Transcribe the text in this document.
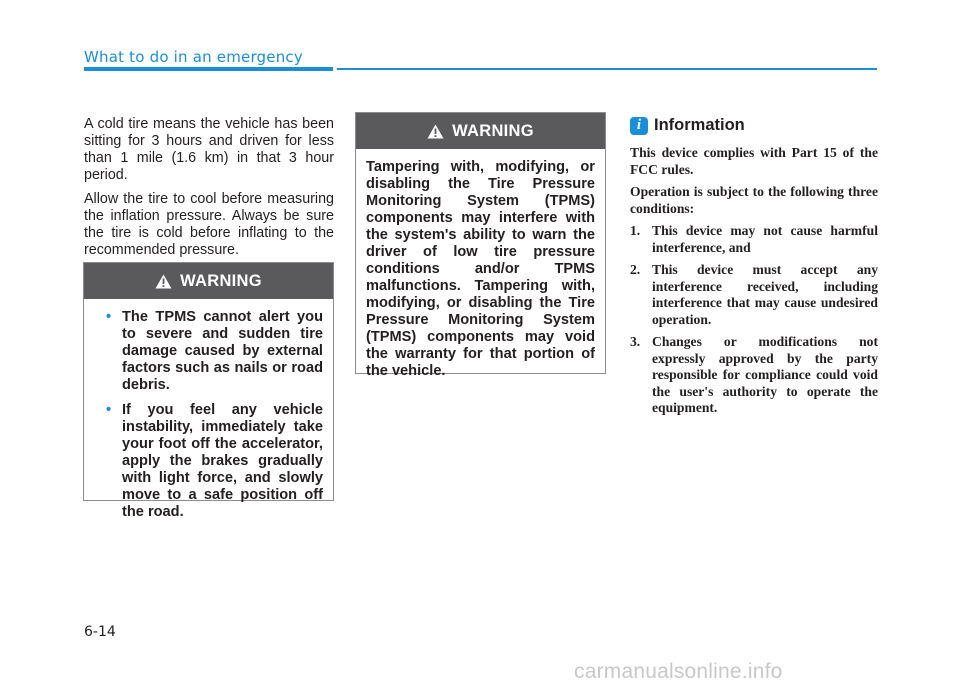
What to do in an emergency

A cold tire means the vehicle has been sitting for 3 hours and driven for less than 1 mile (1.6 km) in that 3 hour period.

Allow the tire to cool before measuring the inflation pressure. Always be sure the tire is cold before inflating to the recommended pressure.

WARNING
• The TPMS cannot alert you to severe and sudden tire damage caused by external factors such as nails or road debris.
• If you feel any vehicle instability, immediately take your foot off the accelerator, apply the brakes gradually with light force, and slowly move to a safe position off the road.
WARNING
Tampering with, modifying, or disabling the Tire Pressure Monitoring System (TPMS) components may interfere with the system's ability to warn the driver of low tire pressure conditions and/or TPMS malfunctions. Tampering with, modifying, or disabling the Tire Pressure Monitoring System (TPMS) components may void the warranty for that portion of the vehicle.
i Information

This device complies with Part 15 of the FCC rules.

Operation is subject to the following three conditions:

1. This device may not cause harmful interference, and
2. This device must accept any interference received, including interference that may cause undesired operation.
3. Changes or modifications not expressly approved by the party responsible for compliance could void the user's authority to operate the equipment.
6-14
carmanualsonline.info
